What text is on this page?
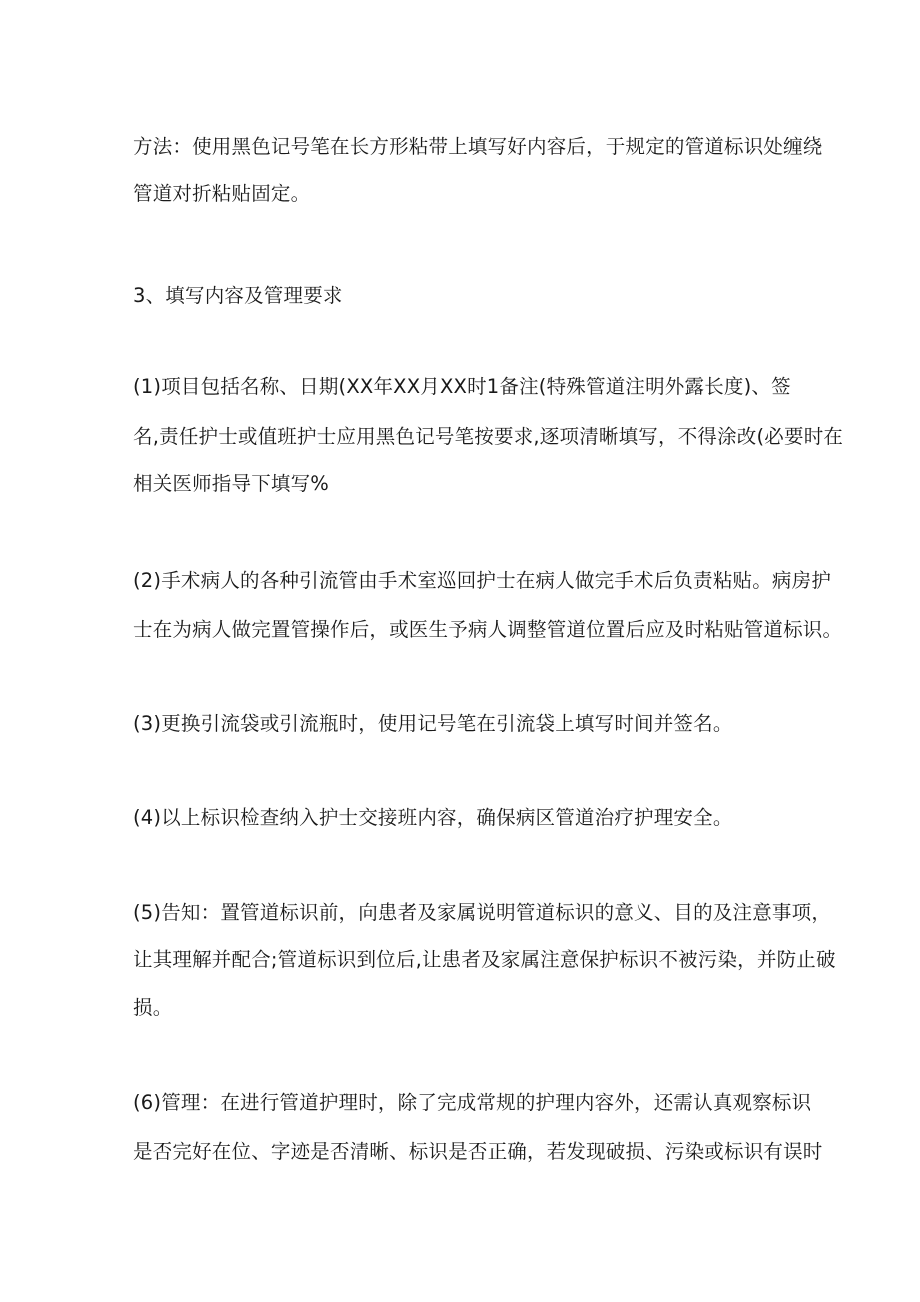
方法：使用黑色记号笔在长方形粘带上填写好内容后，于规定的管道标识处缠绕
管道对折粘贴固定。
3、填写内容及管理要求
(1)项目包括名称、日期(XX年XX月XX时1备注(特殊管道注明外露长度)、签
名,责任护士或值班护士应用黑色记号笔按要求,逐项清晰填写，不得涂改(必要时在
相关医师指导下填写%
(2)手术病人的各种引流管由手术室巡回护士在病人做完手术后负责粘贴。病房护
士在为病人做完置管操作后，或医生予病人调整管道位置后应及时粘贴管道标识。
(3)更换引流袋或引流瓶时，使用记号笔在引流袋上填写时间并签名。
(4)以上标识检查纳入护士交接班内容，确保病区管道治疗护理安全。
(5)告知：置管道标识前，向患者及家属说明管道标识的意义、目的及注意事项，
让其理解并配合;管道标识到位后,让患者及家属注意保护标识不被污染，并防止破
损。
(6)管理：在进行管道护理时，除了完成常规的护理内容外，还需认真观察标识
是否完好在位、字迹是否清晰、标识是否正确，若发现破损、污染或标识有误时
